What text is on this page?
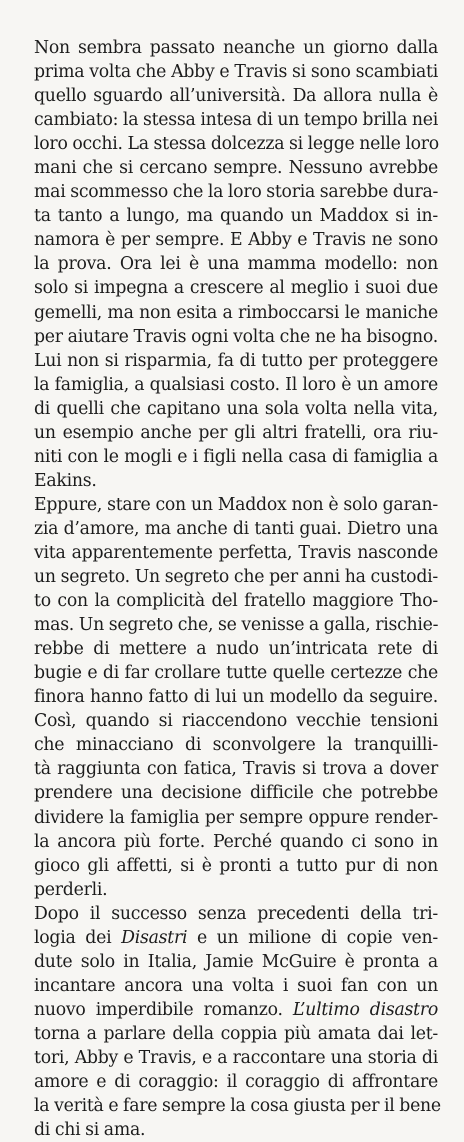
Non sembra passato neanche un giorno dalla
prima volta che Abby e Travis si sono scambiati
quello sguardo all’università. Da allora nulla è
cambiato: la stessa intesa di un tempo brilla nei
loro occhi. La stessa dolcezza si legge nelle loro
mani che si cercano sempre. Nessuno avrebbe
mai scommesso che la loro storia sarebbe dura-
ta tanto a lungo, ma quando un Maddox si in-
namora è per sempre. E Abby e Travis ne sono
la prova. Ora lei è una mamma modello: non
solo si impegna a crescere al meglio i suoi due
gemelli, ma non esita a rimboccarsi le maniche
per aiutare Travis ogni volta che ne ha bisogno.
Lui non si risparmia, fa di tutto per proteggere
la famiglia, a qualsiasi costo. Il loro è un amore
di quelli che capitano una sola volta nella vita,
un esempio anche per gli altri fratelli, ora riu-
niti con le mogli e i figli nella casa di famiglia a
Eakins.
Eppure, stare con un Maddox non è solo garan-
zia d’amore, ma anche di tanti guai. Dietro una
vita apparentemente perfetta, Travis nasconde
un segreto. Un segreto che per anni ha custodi-
to con la complicità del fratello maggiore Tho-
mas. Un segreto che, se venisse a galla, rischie-
rebbe di mettere a nudo un’intricata rete di
bugie e di far crollare tutte quelle certezze che
finora hanno fatto di lui un modello da seguire.
Così, quando si riaccendono vecchie tensioni
che minacciano di sconvolgere la tranquilli-
tà raggiunta con fatica, Travis si trova a dover
prendere una decisione difficile che potrebbe
dividere la famiglia per sempre oppure render-
la ancora più forte. Perché quando ci sono in
gioco gli affetti, si è pronti a tutto pur di non
perderli.
Dopo il successo senza precedenti della tri-
logia dei Disastri e un milione di copie ven-
dute solo in Italia, Jamie McGuire è pronta a
incantare ancora una volta i suoi fan con un
nuovo imperdibile romanzo. L’ultimo disastro
torna a parlare della coppia più amata dai let-
tori, Abby e Travis, e a raccontare una storia di
amore e di coraggio: il coraggio di affrontare
la verità e fare sempre la cosa giusta per il bene
di chi si ama.
